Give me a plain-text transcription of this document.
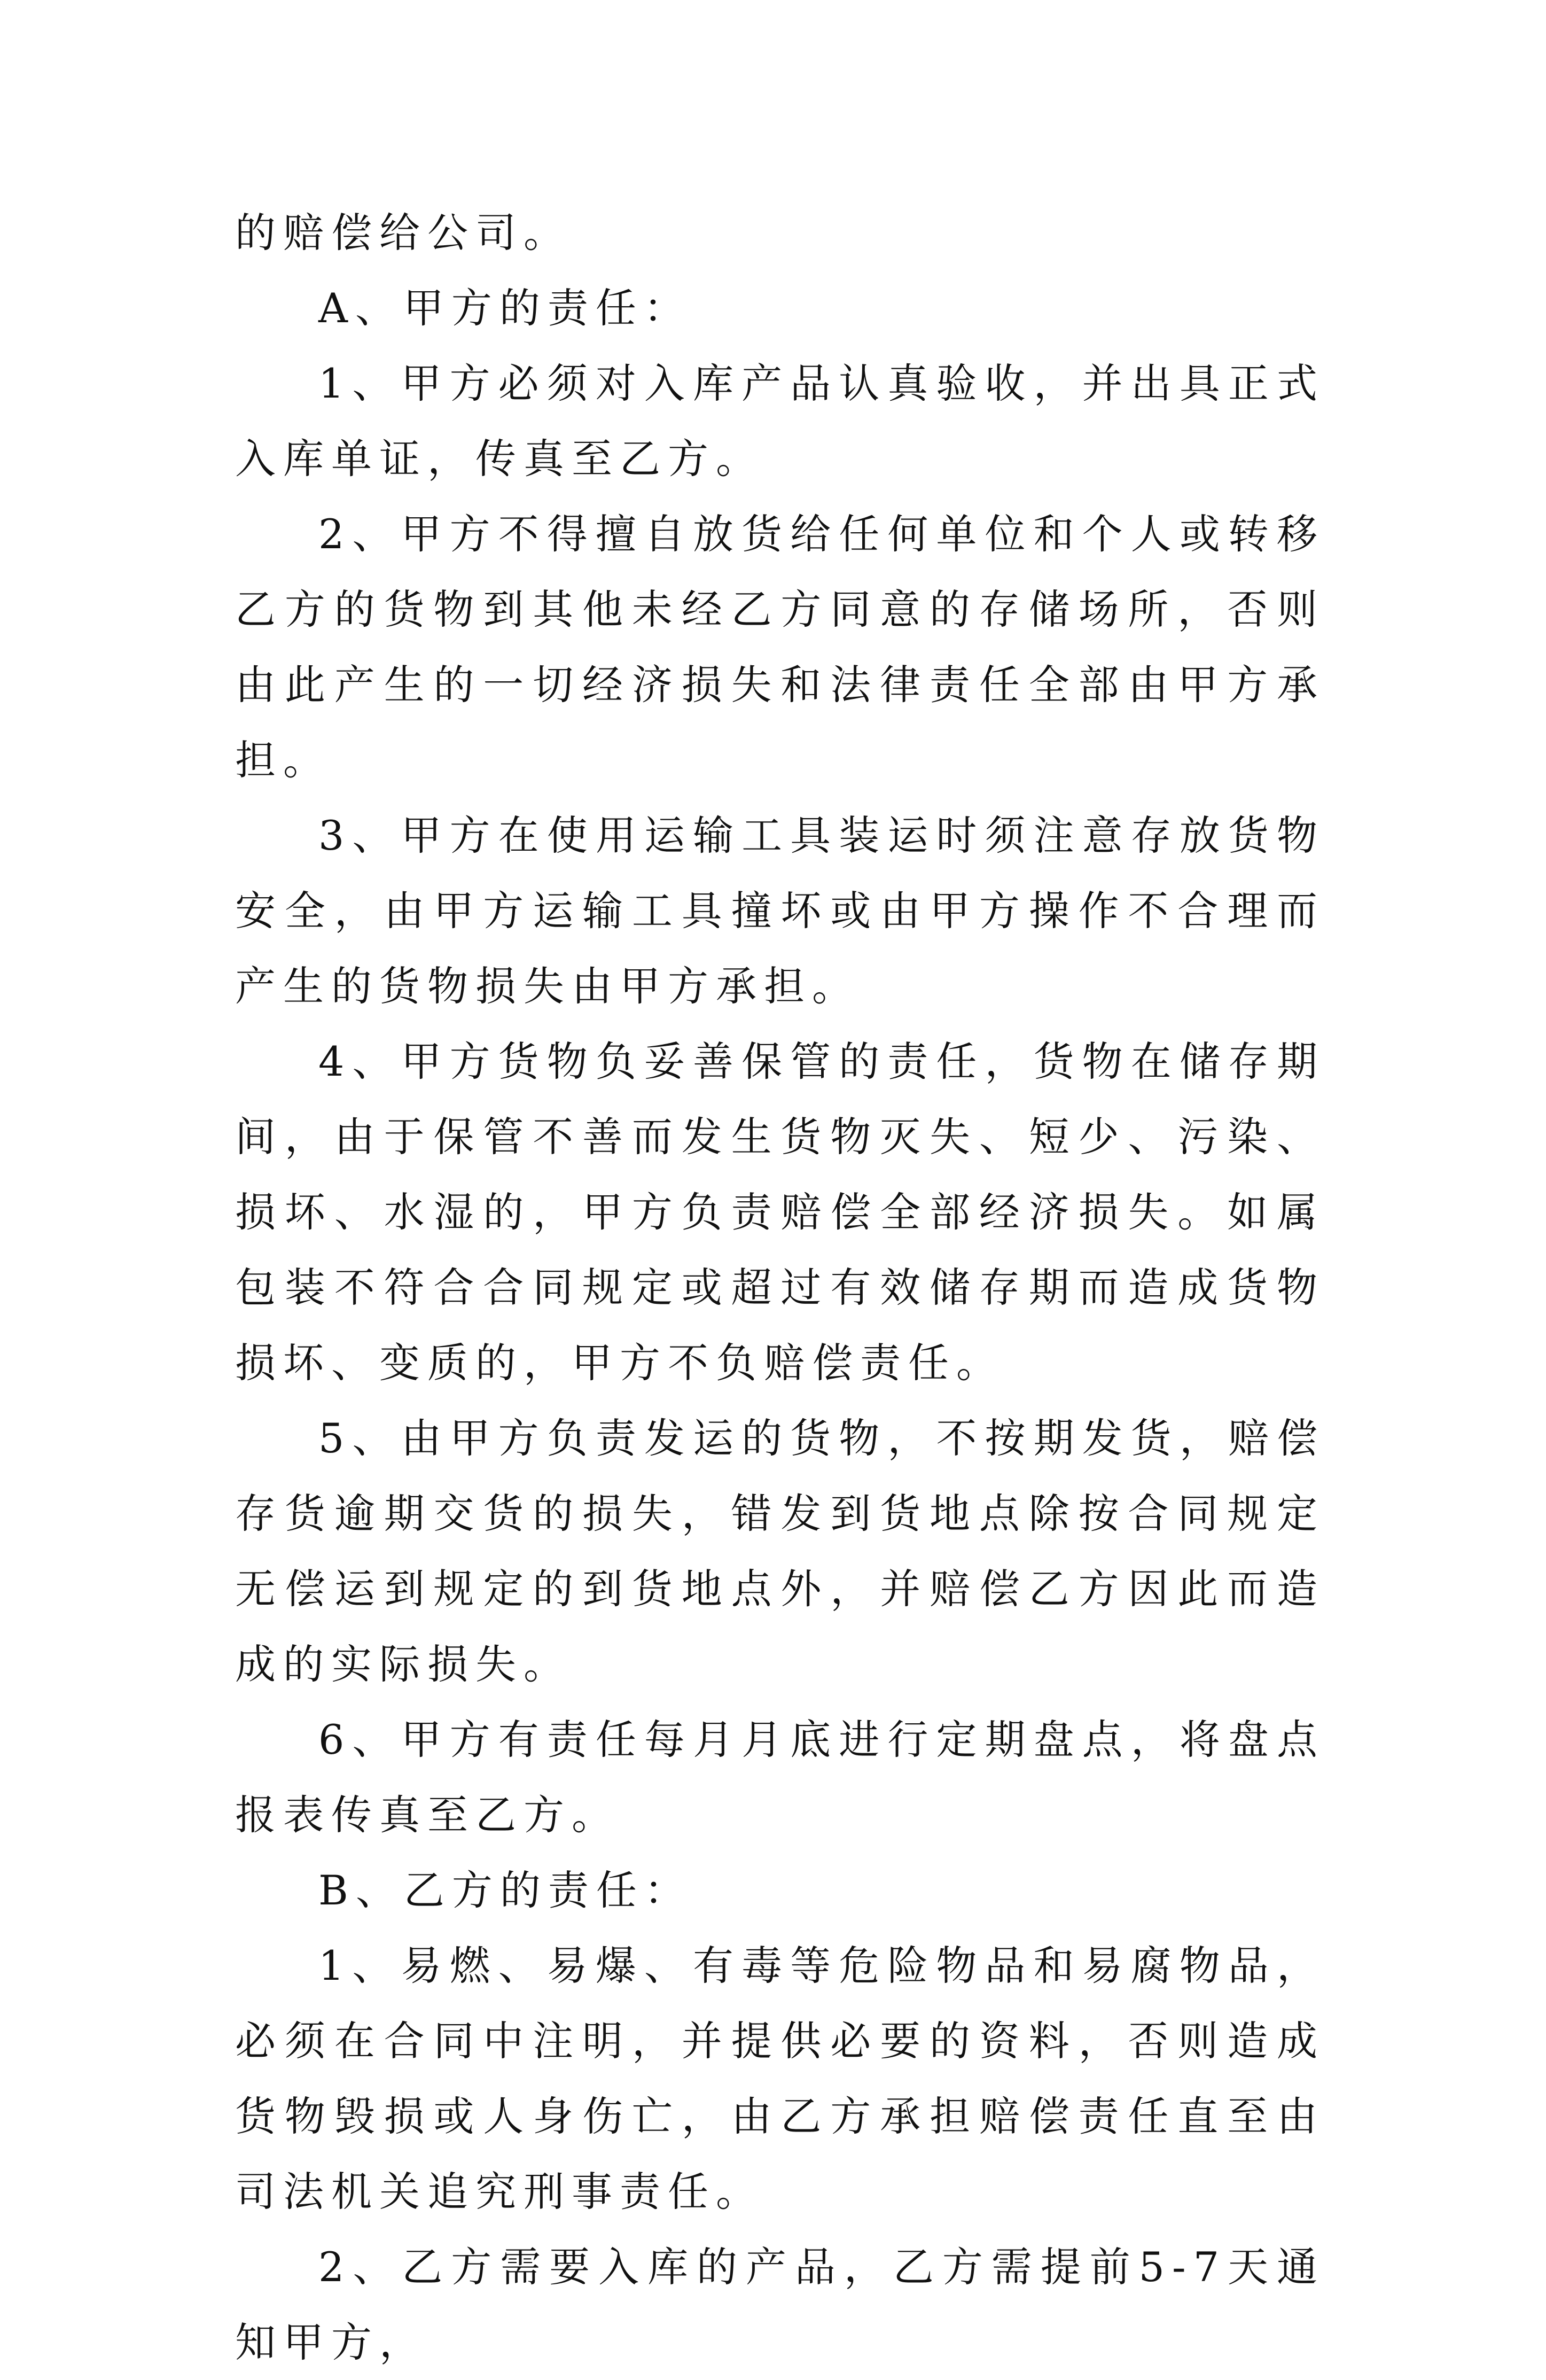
的赔偿给公司。

A、甲方的责任：

1、甲方必须对入库产品认真验收，并出具正式入库单证，传真至乙方。

2、甲方不得擅自放货给任何单位和个人或转移乙方的货物到其他未经乙方同意的存储场所，否则由此产生的一切经济损失和法律责任全部由甲方承担。

3、甲方在使用运输工具装运时须注意存放货物安全，由甲方运输工具撞坏或由甲方操作不合理而产生的货物损失由甲方承担。

4、甲方货物负妥善保管的责任，货物在储存期间，由于保管不善而发生货物灭失、短少、污染、损坏、水湿的，甲方负责赔偿全部经济损失。如属包装不符合合同规定或超过有效储存期而造成货物损坏、变质的，甲方不负赔偿责任。

5、由甲方负责发运的货物，不按期发货，赔偿存货逾期交货的损失，错发到货地点除按合同规定无偿运到规定的到货地点外，并赔偿乙方因此而造成的实际损失。

6、甲方有责任每月月底进行定期盘点，将盘点报表传真至乙方。

B、乙方的责任：

1、易燃、易爆、有毒等危险物品和易腐物品，必须在合同中注明，并提供必要的资料，否则造成货物毁损或人身伤亡，由乙方承担赔偿责任直至由司法机关追究刑事责任。

2、乙方需要入库的产品，乙方需提前5-7天通知甲方，
